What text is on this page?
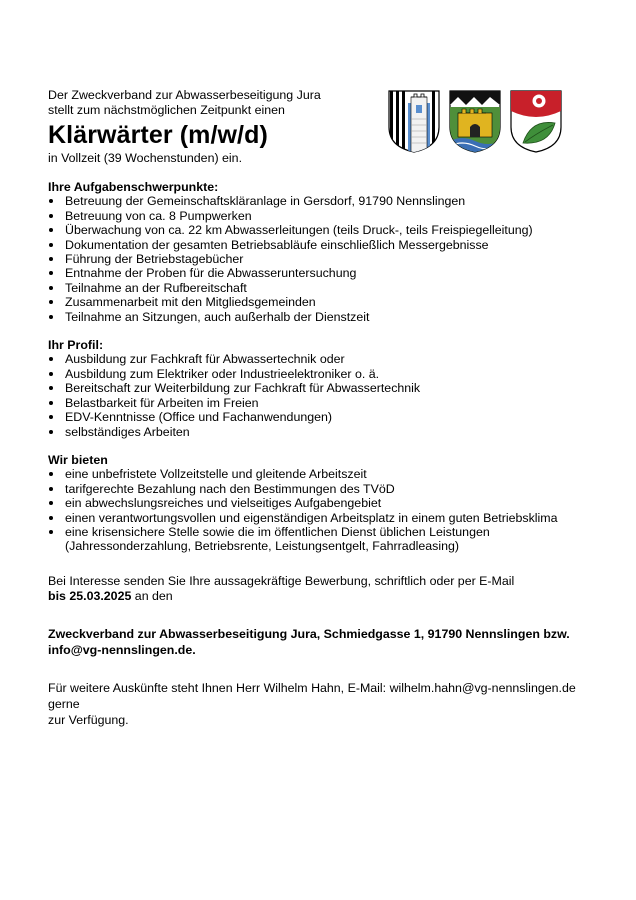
Der Zweckverband zur Abwasserbeseitigung Jura
stellt zum nächstmöglichen Zeitpunkt einen
Klärwärter (m/w/d)
in Vollzeit (39 Wochenstunden) ein.
Ihre Aufgabenschwerpunkte:
Betreuung der Gemeinschaftskläranlage in Gersdorf, 91790 Nennslingen
Betreuung von ca. 8 Pumpwerken
Überwachung von ca. 22 km Abwasserleitungen (teils Druck-, teils Freispiegelleitung)
Dokumentation der gesamten Betriebsabläufe einschließlich Messergebnisse
Führung der Betriebstagebücher
Entnahme der Proben für die Abwasseruntersuchung
Teilnahme an der Rufbereitschaft
Zusammenarbeit mit den Mitgliedsgemeinden
Teilnahme an Sitzungen, auch außerhalb der Dienstzeit
Ihr Profil:
Ausbildung zur Fachkraft für Abwassertechnik oder
Ausbildung zum Elektriker oder Industrieelektroniker o. ä.
Bereitschaft zur Weiterbildung zur Fachkraft für Abwassertechnik
Belastbarkeit für Arbeiten im Freien
EDV-Kenntnisse (Office und Fachanwendungen)
selbständiges Arbeiten
Wir bieten
eine unbefristete Vollzeitstelle und gleitende Arbeitszeit
tarifgerechte Bezahlung nach den Bestimmungen des TVöD
ein abwechslungsreiches und vielseitiges Aufgabengebiet
einen verantwortungsvollen und eigenständigen Arbeitsplatz in einem guten Betriebsklima
eine krisensichere Stelle sowie die im öffentlichen Dienst üblichen Leistungen
(Jahressonderzahlung, Betriebsrente, Leistungsentgelt, Fahrradleasing)
Bei Interesse senden Sie Ihre aussagekräftige Bewerbung, schriftlich oder per E-Mail
bis 25.03.2025 an den
Zweckverband zur Abwasserbeseitigung Jura, Schmiedgasse 1, 91790 Nennslingen bzw.
info@vg-nennslingen.de.
Für weitere Auskünfte steht Ihnen Herr Wilhelm Hahn, E-Mail: wilhelm.hahn@vg-nennslingen.de gerne
zur Verfügung.
